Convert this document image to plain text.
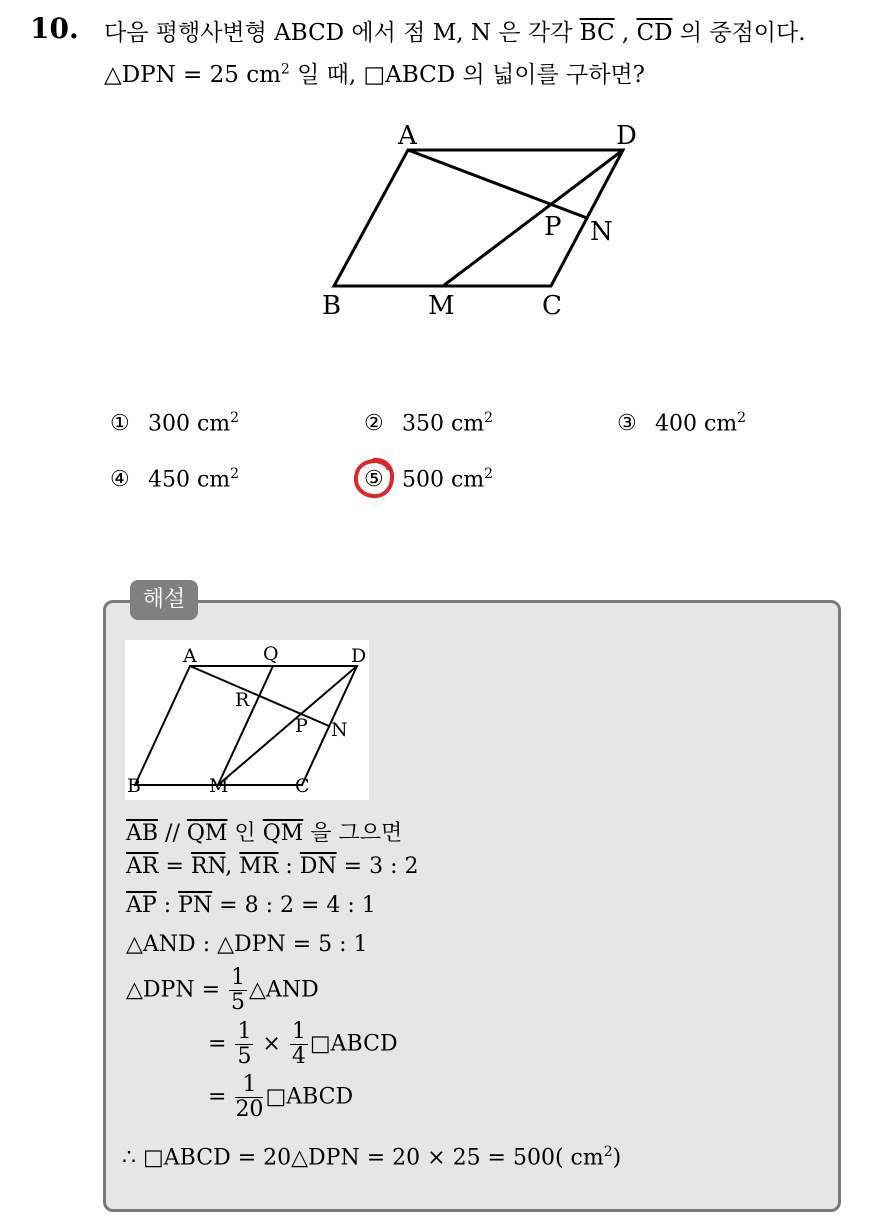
10. 다음 평행사변형 ABCD 에서 점 M, N 은 각각 $\overline{BC}$ , $\overline{CD}$ 의 중점이다.
△DPN = 25 $cm^2$ 일 때, □ABCD 의 넓이를 구하면?
A	D
P N
B	M	C
① 300 $cm^2$	② 350 $cm^2$	③ 400 $cm^2$
④ 450 $cm^2$	⑤ 500 $cm^2$
해설
A	Q	D
R
P N
B	M	C
$\overline{AB} // \overline{QM}$ 인 $\overline{QM}$ 을 그으면
$\overline{AR} = \overline{RN}$, $\overline{MR}$ : $\overline{DN} = 3$ : 2
$\overline{AP}$ : $\overline{PN} = 8$ : 2 = 4 : 1
△AND : △DPN = 5 : 1
△DPN = $\frac{1}{5}$ △AND
= $\frac{1}{5} \times \frac{1}{4}$ □ABCD
= $\frac{1}{20}$ □ABCD
∴ □ABCD = 20△DPN = 20 × 25 = 500( $cm^2$)
